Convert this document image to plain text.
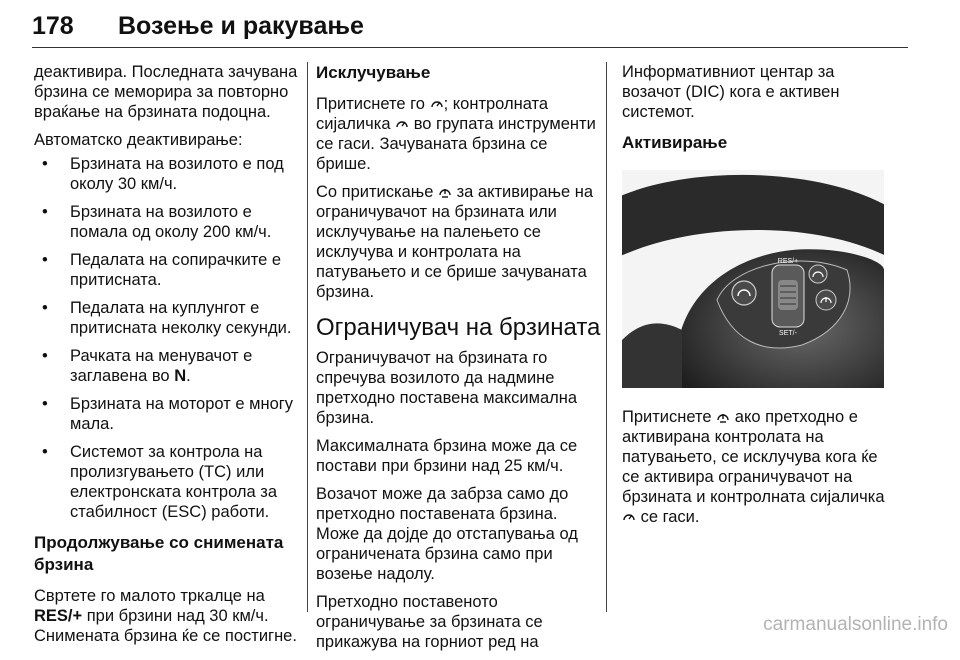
178 Возење и ракување

деактивира. Последната зачувана брзина се меморира за повторно враќање на брзината подоцна.

Автоматско деактивирање:

• Брзината на возилото е под околу 30 км/ч.
• Брзината на возилото е помала од околу 200 км/ч.
• Педалата на сопирачките е притисната.
• Педалата на куплунгот е притисната неколку секунди.
• Рачката на менувачот е заглавена во N.
• Брзината на моторот е многу мала.
• Системот за контрола на пролизгувањето (TC) или електронската контрола за стабилност (ESC) работи.
Продолжување со снимената брзина

Свртете го малото тркалце на RES/+ при брзини над 30 км/ч. Снимената брзина ќе се постигне.

Исклучување

Притиснете го ; контролната сијаличка во групата инструменти се гаси. Зачуваната брзина се брише.

Со притискање за активирање на ограничувачот на брзината или исклучување на палењето се исклучува и контролата на патувањето и се брише зачуваната брзина.

Ограничувач на брзината

Ограничувачот на брзината го спречува возилото да надмине претходно поставена максимална брзина.

Максималната брзина може да се постави при брзини над 25 км/ч.

Возачот може да забрза само до претходно поставената брзина. Може да дојде до отстапувања од ограничената брзина само при возење надолу.

Претходно поставеното ограничување за брзината се прикажува на горниот ред на

Информативниот центар за возачот (DIC) кога е активен системот.

Активирање
RES/+
SET/-

Притиснете ако претходно е активирана контролата на патувањето, се исклучува кога ќе се активира ограничувачот на брзината и контролната сијаличка  се гаси.

carmanualsonline.info
